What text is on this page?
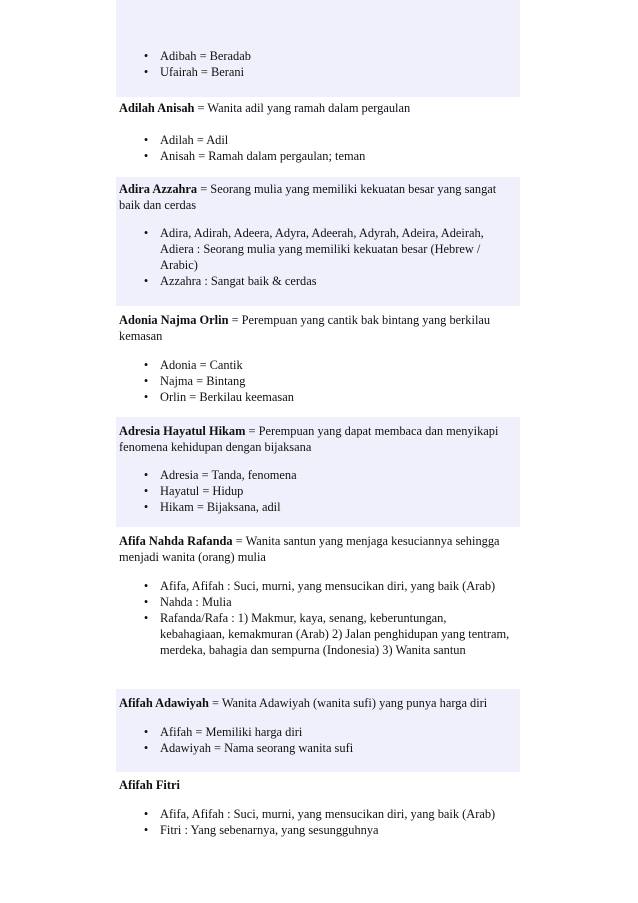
• Adibah = Beradab
• Ufairah = Berani

Adilah Anisah = Wanita adil yang ramah dalam pergaulan

• Adilah = Adil
• Anisah = Ramah dalam pergaulan; teman

Adira Azzahra = Seorang mulia yang memiliki kekuatan besar yang sangat baik dan cerdas

• Adira, Adirah, Adeera, Adyra, Adeerah, Adyrah, Adeira, Adeirah, Adiera : Seorang mulia yang memiliki kekuatan besar (Hebrew / Arabic)
• Azzahra : Sangat baik & cerdas

Adonia Najma Orlin = Perempuan yang cantik bak bintang yang berkilau kemasan

• Adonia = Cantik
• Najma = Bintang
• Orlin = Berkilau keemasan

Adresia Hayatul Hikam = Perempuan yang dapat membaca dan menyikapi fenomena kehidupan dengan bijaksana

• Adresia = Tanda, fenomena
• Hayatul = Hidup
• Hikam = Bijaksana, adil

Afifa Nahda Rafanda = Wanita santun yang menjaga kesuciannya sehingga menjadi wanita (orang) mulia

• Afifa, Afifah : Suci, murni, yang mensucikan diri, yang baik (Arab)
• Nahda : Mulia
• Rafanda/Rafa : 1) Makmur, kaya, senang, keberuntungan, kebahagiaan, kemakmuran (Arab) 2) Jalan penghidupan yang tentram, merdeka, bahagia dan sempurna (Indonesia) 3) Wanita santun

Afifah Adawiyah = Wanita Adawiyah (wanita sufi) yang punya harga diri

• Afifah = Memiliki harga diri
• Adawiyah = Nama seorang wanita sufi

Afifah Fitri

• Afifa, Afifah : Suci, murni, yang mensucikan diri, yang baik (Arab)
• Fitri : Yang sebenarnya, yang sesungguhnya
